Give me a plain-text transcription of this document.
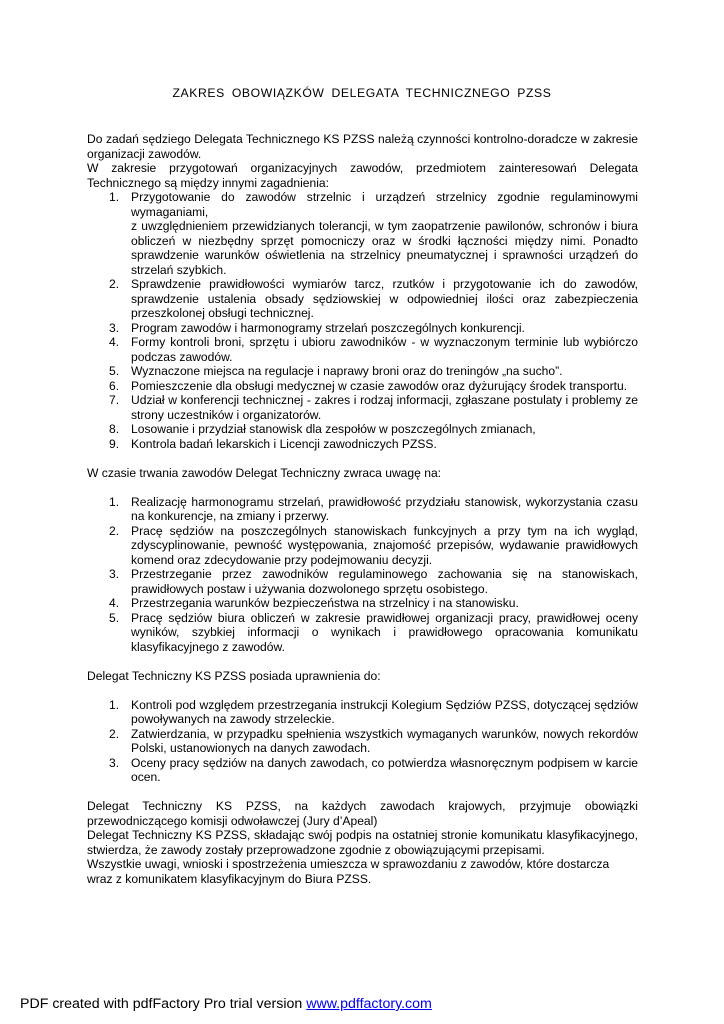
ZAKRES OBOWIĄZKÓW DELEGATA TECHNICZNEGO PZSS

Do zadań sędziego Delegata Technicznego KS PZSS należą czynności kontrolno-doradcze w zakresie organizacji zawodów.

W zakresie przygotowań organizacyjnych zawodów, przedmiotem zainteresowań Delegata Technicznego są między innymi zagadnienia:

1. Przygotowanie do zawodów strzelnic i urządzeń strzelnicy zgodnie regulaminowymi wymaganiami,
z uwzględnieniem przewidzianych tolerancji, w tym zaopatrzenie pawilonów, schronów i biura obliczeń w niezbędny sprzęt pomocniczy oraz w środki łączności między nimi. Ponadto sprawdzenie warunków oświetlenia na strzelnicy pneumatycznej i sprawności urządzeń do strzelań szybkich.
2. Sprawdzenie prawidłowości wymiarów tarcz, rzutków i przygotowanie ich do zawodów, sprawdzenie ustalenia obsady sędziowskiej w odpowiedniej ilości oraz zabezpieczenia przeszkolonej obsługi technicznej.
3. Program zawodów i harmonogramy strzelań poszczególnych konkurencji.
4. Formy kontroli broni, sprzętu i ubioru zawodników - w wyznaczonym terminie lub wybiórczo podczas zawodów.
5. Wyznaczone miejsca na regulacje i naprawy broni oraz do treningów „na sucho”.
6. Pomieszczenie dla obsługi medycznej w czasie zawodów oraz dyżurujący środek transportu.
7. Udział w konferencji technicznej - zakres i rodzaj informacji, zgłaszane postulaty i problemy ze strony uczestników i organizatorów.
8. Losowanie i przydział stanowisk dla zespołów w poszczególnych zmianach,
9. Kontrola badań lekarskich i Licencji zawodniczych PZSS.

W czasie trwania zawodów Delegat Techniczny zwraca uwagę na:

1. Realizację harmonogramu strzelań, prawidłowość przydziału stanowisk, wykorzystania czasu na konkurencje, na zmiany i przerwy.
2. Pracę sędziów na poszczególnych stanowiskach funkcyjnych a przy tym na ich wygląd, zdyscyplinowanie, pewność występowania, znajomość przepisów, wydawanie prawidłowych komend oraz zdecydowanie przy podejmowaniu decyzji.
3. Przestrzeganie przez zawodników regulaminowego zachowania się na stanowiskach, prawidłowych postaw i używania dozwolonego sprzętu osobistego.
4. Przestrzegania warunków bezpieczeństwa na strzelnicy i na stanowisku.
5. Pracę sędziów biura obliczeń w zakresie prawidłowej organizacji pracy, prawidłowej oceny wyników, szybkiej informacji o wynikach i prawidłowego opracowania komunikatu klasyfikacyjnego z zawodów.

Delegat Techniczny KS PZSS posiada uprawnienia do:

1. Kontroli pod względem przestrzegania instrukcji Kolegium Sędziów PZSS, dotyczącej sędziów powoływanych na zawody strzeleckie.
2. Zatwierdzania, w przypadku spełnienia wszystkich wymaganych warunków, nowych rekordów Polski, ustanowionych na danych zawodach.
3. Oceny pracy sędziów na danych zawodach, co potwierdza własnoręcznym podpisem w karcie ocen.

Delegat Techniczny KS PZSS, na każdych zawodach krajowych, przyjmuje obowiązki przewodniczącego komisji odwoławczej (Jury d’Apeal)

Delegat Techniczny KS PZSS, składając swój podpis na ostatniej stronie komunikatu klasyfikacyjnego, stwierdza, że zawody zostały przeprowadzone zgodnie z obowiązującymi przepisami.

Wszystkie uwagi, wnioski i spostrzeżenia umieszcza w sprawozdaniu z zawodów, które dostarcza

wraz z komunikatem klasyfikacyjnym do Biura PZSS.

PDF created with pdfFactory Pro trial version www.pdffactory.com
